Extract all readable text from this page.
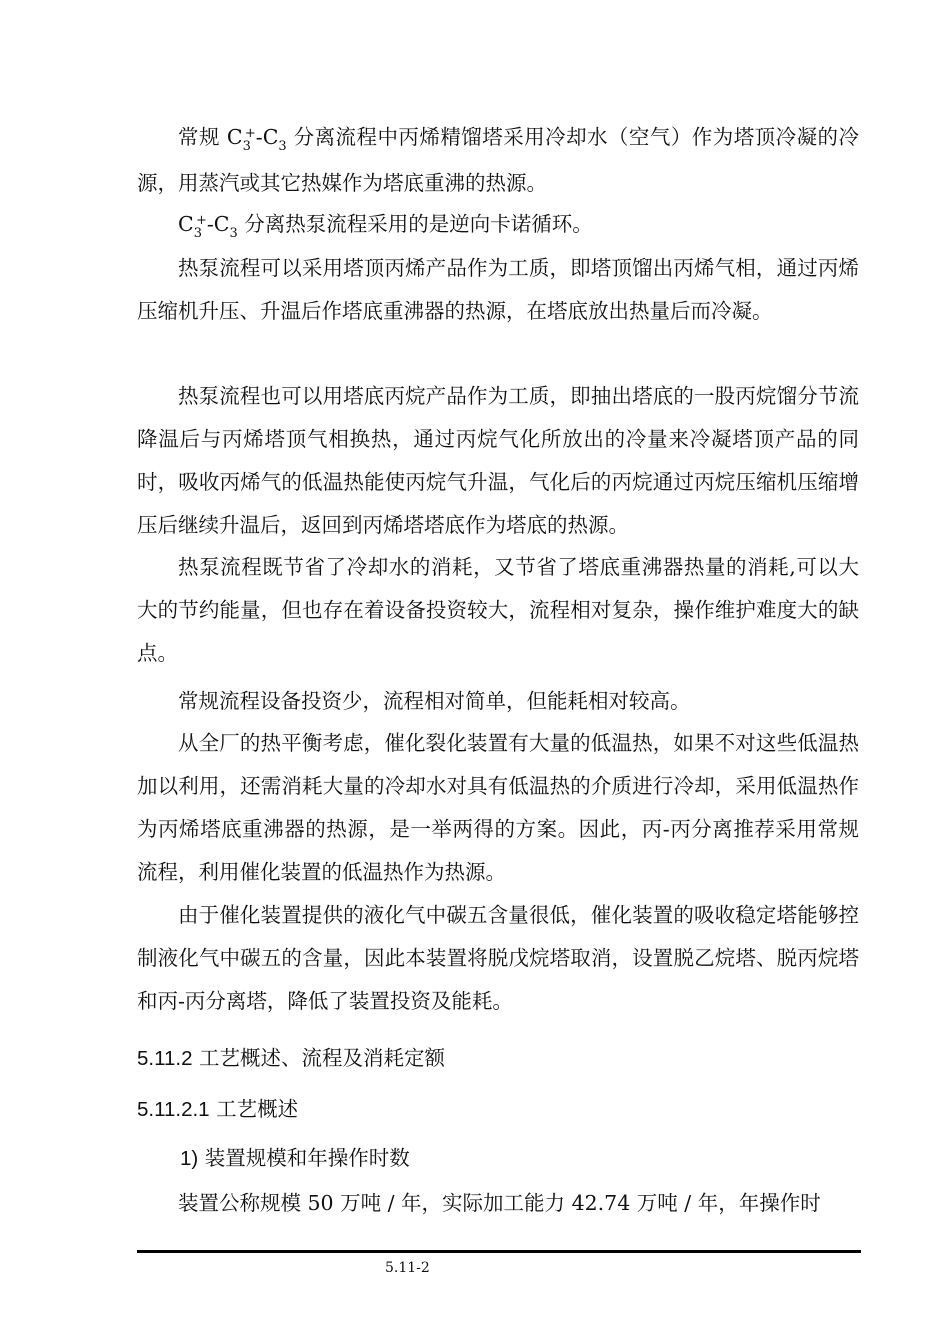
常规 $C_3^+-C_3$ 分离流程中丙烯精馏塔采用冷却水（空气）作为塔顶冷凝的冷源，用蒸汽或其它热媒作为塔底重沸的热源。

$C_3^+-C_3$ 分离热泵流程采用的是逆向卡诺循环。

热泵流程可以采用塔顶丙烯产品作为工质，即塔顶馏出丙烯气相，通过丙烯压缩机升压、升温后作塔底重沸器的热源，在塔底放出热量后而冷凝。

热泵流程也可以用塔底丙烷产品作为工质，即抽出塔底的一股丙烷馏分节流降温后与丙烯塔顶气相换热，通过丙烷气化所放出的冷量来冷凝塔顶产品的同时，吸收丙烯气的低温热能使丙烷气升温，气化后的丙烷通过丙烷压缩机压缩增压后继续升温后，返回到丙烯塔塔底作为塔底的热源。

热泵流程既节省了冷却水的消耗，又节省了塔底重沸器热量的消耗,可以大大的节约能量，但也存在着设备投资较大，流程相对复杂，操作维护难度大的缺点。

常规流程设备投资少，流程相对简单，但能耗相对较高。

从全厂的热平衡考虑，催化裂化装置有大量的低温热，如果不对这些低温热加以利用，还需消耗大量的冷却水对具有低温热的介质进行冷却，采用低温热作为丙烯塔底重沸器的热源，是一举两得的方案。因此，丙-丙分离推荐采用常规流程，利用催化装置的低温热作为热源。

由于催化装置提供的液化气中碳五含量很低，催化装置的吸收稳定塔能够控制液化气中碳五的含量，因此本装置将脱戊烷塔取消，设置脱乙烷塔、脱丙烷塔和丙-丙分离塔，降低了装置投资及能耗。

5.11.2 工艺概述、流程及消耗定额

5.11.2.1 工艺概述

1) 装置规模和年操作时数

装置公称规模 50 万吨 / 年，实际加工能力 42.74 万吨 / 年，年操作时

5.11-2
